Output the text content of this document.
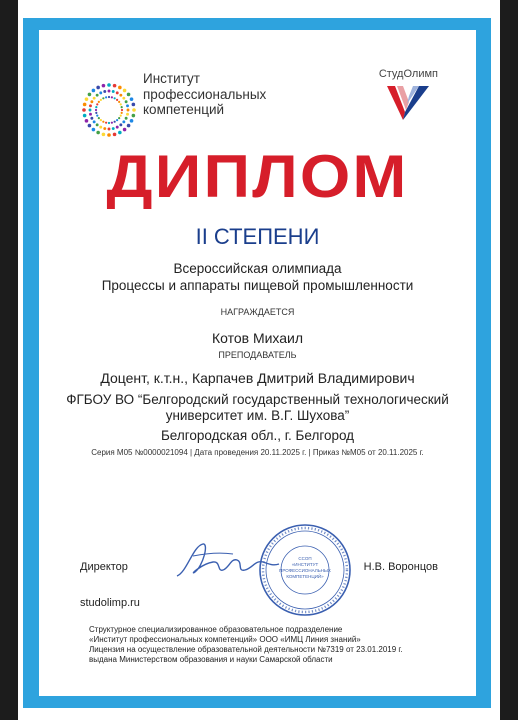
Институт
профессиональных
компетенций
СтудОлимп
ДИПЛОМ
II СТЕПЕНИ
Всероссийская олимпиада
Процессы и аппараты пищевой промышленности
НАГРАЖДАЕТСЯ
Котов Михаил
ПРЕПОДАВАТЕЛЬ
Доцент, к.т.н., Карпачев Дмитрий Владимирович
ФГБОУ ВО “Белгородский государственный технологический
университет им. В.Г. Шухова”
Белгородская обл., г. Белгород
Серия М05 №0000021094 | Дата проведения 20.11.2025 г. | Приказ №М05 от 20.11.2025 г.
Директор
ССОП
«ИНСТИТУТ
ПРОФЕССИОНАЛЬНЫХ
КОМПЕТЕНЦИЙ»
Н.В. Воронцов
studolimp.ru
Структурное специализированное образовательное подразделение
«Институт профессиональных компетенций» ООО «ИМЦ Линия знаний»
Лицензия на осуществление образовательной деятельности №7319 от 23.01.2019 г.
выдана Министерством образования и науки Самарской области
